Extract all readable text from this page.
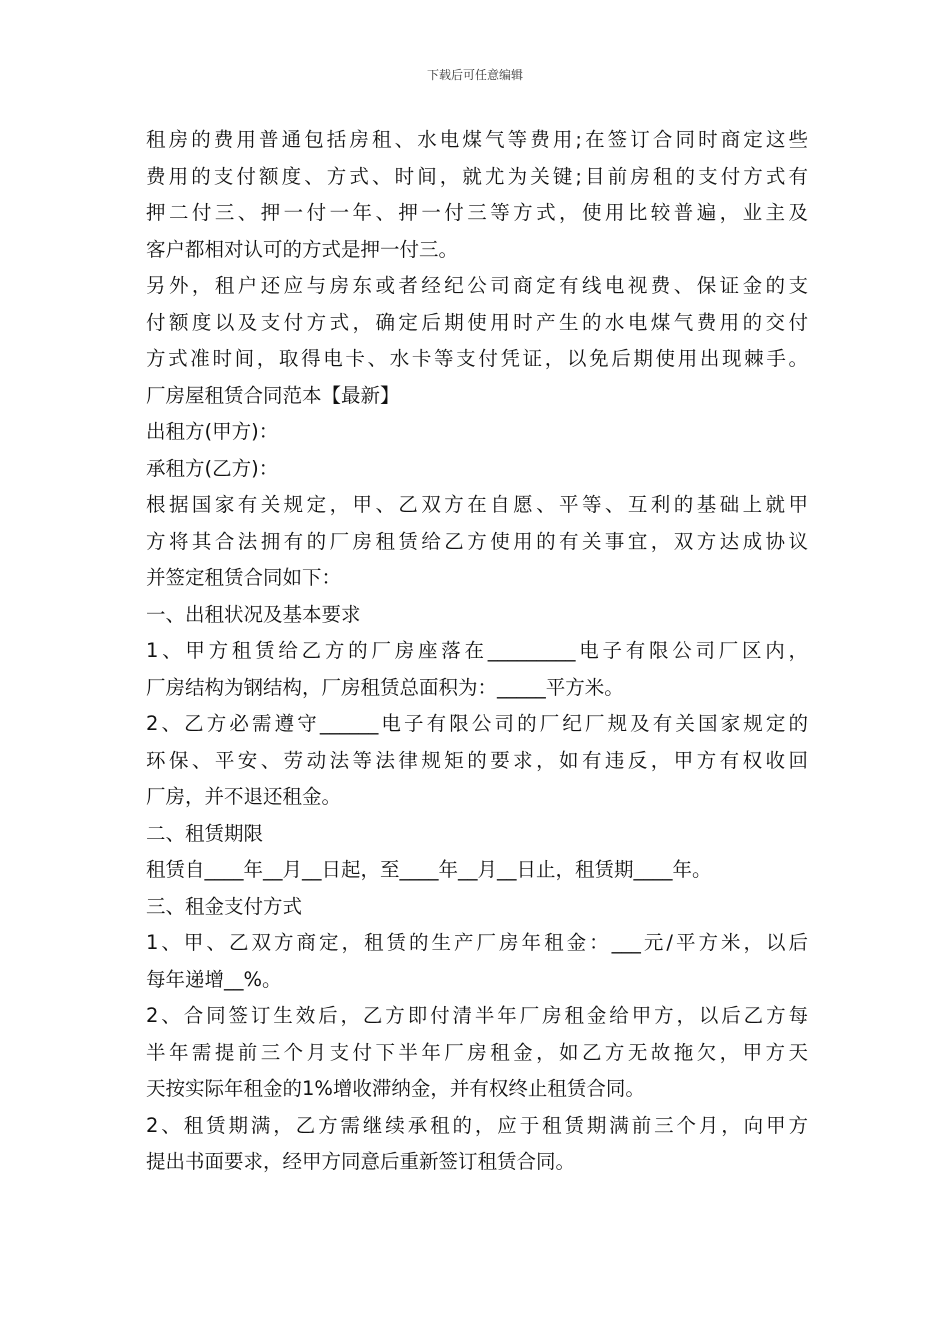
下载后可任意编辑
租房的费用普通包括房租、水电煤气等费用;在签订合同时商定这些
费用的支付额度、方式、时间，就尤为关键;目前房租的支付方式有
押二付三、押一付一年、押一付三等方式，使用比较普遍，业主及
客户都相对认可的方式是押一付三。
另外，租户还应与房东或者经纪公司商定有线电视费、保证金的支
付额度以及支付方式，确定后期使用时产生的水电煤气费用的交付
方式准时间，取得电卡、水卡等支付凭证，以免后期使用出现棘手。
厂房屋租赁合同范本【最新】
出租方(甲方)：
承租方(乙方)：
根据国家有关规定，甲、乙双方在自愿、平等、互利的基础上就甲
方将其合法拥有的厂房租赁给乙方使用的有关事宜，双方达成协议
并签定租赁合同如下：
一、出租状况及基本要求
1、甲方租赁给乙方的厂房座落在_________电子有限公司厂区内，
厂房结构为钢结构，厂房租赁总面积为：_____平方米。
2、乙方必需遵守______电子有限公司的厂纪厂规及有关国家规定的
环保、平安、劳动法等法律规矩的要求，如有违反，甲方有权收回
厂房，并不退还租金。
二、租赁期限
租赁自____年__月__日起，至____年__月__日止，租赁期____年。
三、租金支付方式
1、甲、乙双方商定，租赁的生产厂房年租金：___元/平方米，以后
每年递增__%。
2、合同签订生效后，乙方即付清半年厂房租金给甲方，以后乙方每
半年需提前三个月支付下半年厂房租金，如乙方无故拖欠，甲方天
天按实际年租金的1%增收滞纳金，并有权终止租赁合同。
2、租赁期满，乙方需继续承租的，应于租赁期满前三个月，向甲方
提出书面要求，经甲方同意后重新签订租赁合同。
